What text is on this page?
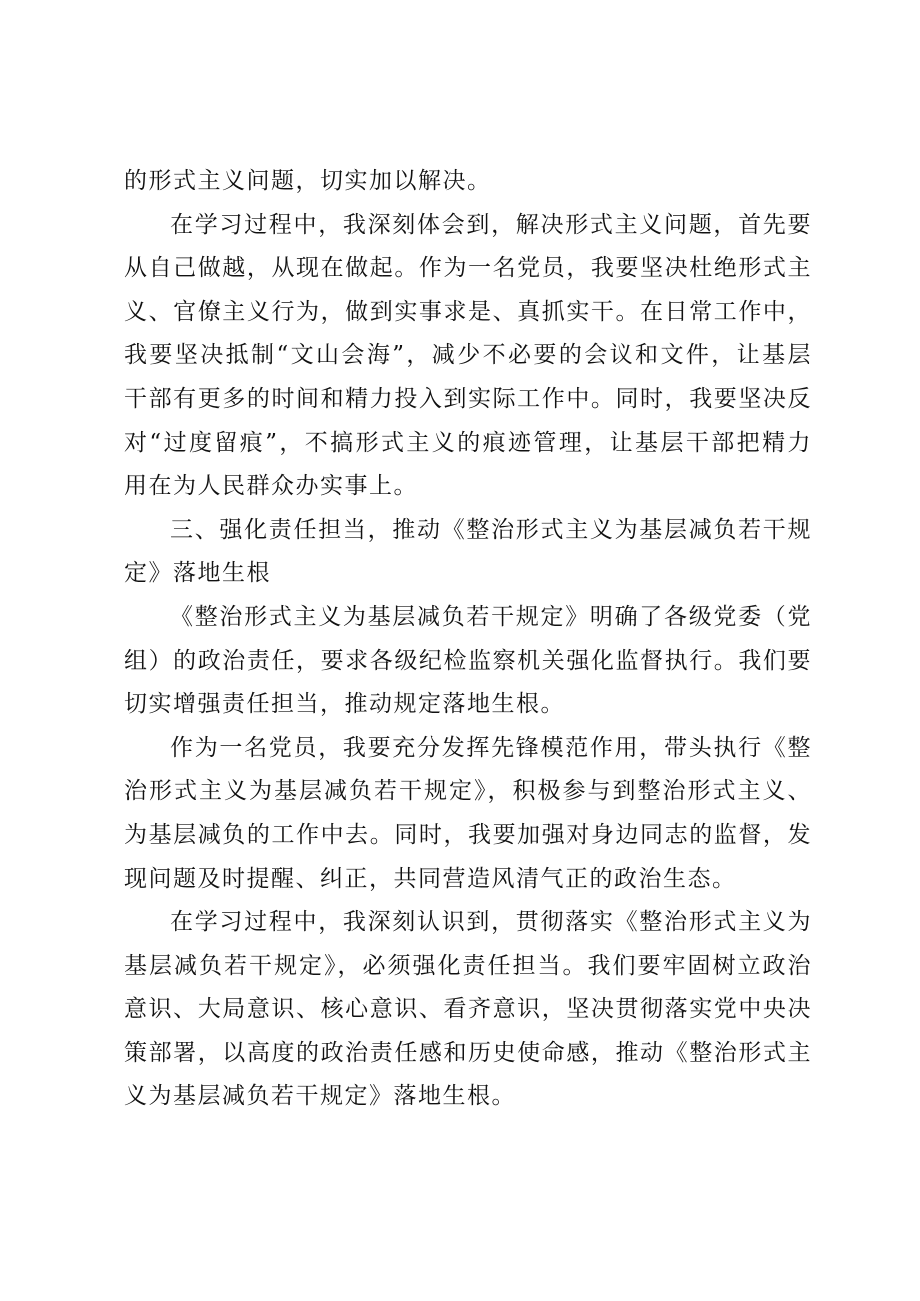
的形式主义问题，切实加以解决。

在学习过程中，我深刻体会到，解决形式主义问题，首先要从自己做越，从现在做起。作为一名党员，我要坚决杜绝形式主义、官僚主义行为，做到实事求是、真抓实干。在日常工作中，我要坚决抵制“文山会海”，减少不必要的会议和文件，让基层干部有更多的时间和精力投入到实际工作中。同时，我要坚决反对“过度留痕”，不搞形式主义的痕迹管理，让基层干部把精力用在为人民群众办实事上。

三、强化责任担当，推动《整治形式主义为基层减负若干规定》落地生根

《整治形式主义为基层减负若干规定》明确了各级党委（党组）的政治责任，要求各级纪检监察机关强化监督执行。我们要切实增强责任担当，推动规定落地生根。

作为一名党员，我要充分发挥先锋模范作用，带头执行《整治形式主义为基层减负若干规定》，积极参与到整治形式主义、为基层减负的工作中去。同时，我要加强对身边同志的监督，发现问题及时提醒、纠正，共同营造风清气正的政治生态。

在学习过程中，我深刻认识到，贯彻落实《整治形式主义为基层减负若干规定》，必须强化责任担当。我们要牢固树立政治意识、大局意识、核心意识、看齐意识，坚决贯彻落实党中央决策部署，以高度的政治责任感和历史使命感，推动《整治形式主义为基层减负若干规定》落地生根。
